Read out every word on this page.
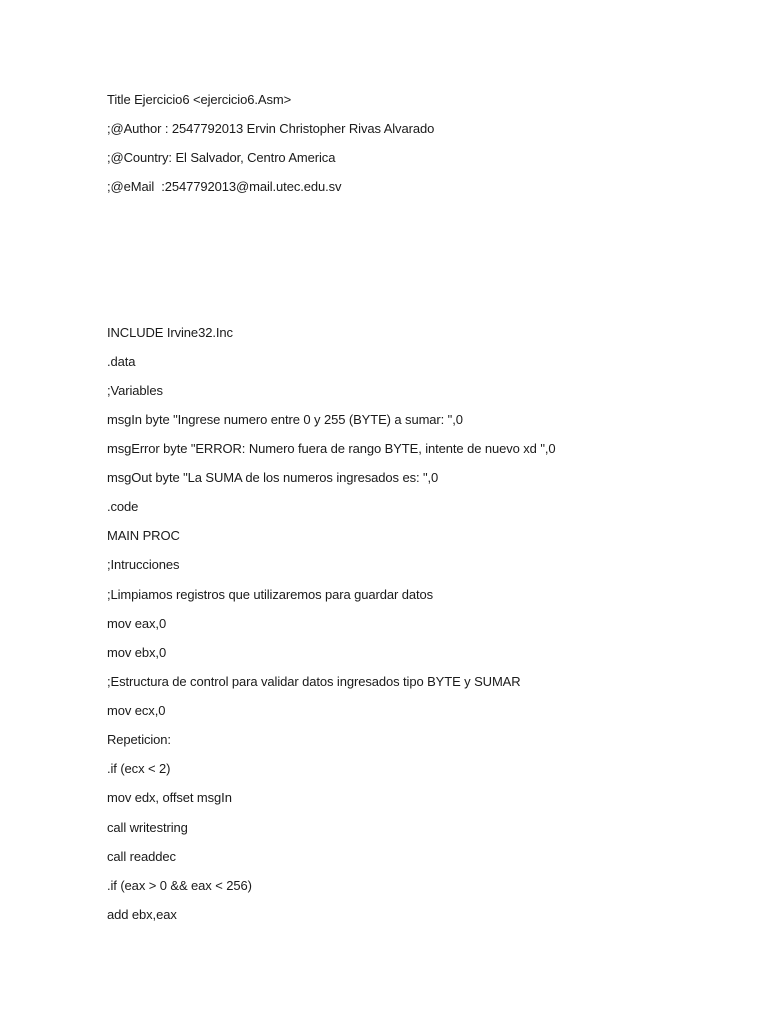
Title Ejercicio6 <ejercicio6.Asm>
;@Author : 2547792013 Ervin Christopher Rivas Alvarado
;@Country: El Salvador, Centro America
;@eMail  :2547792013@mail.utec.edu.sv
INCLUDE Irvine32.Inc
.data
;Variables
msgIn byte "Ingrese numero entre 0 y 255 (BYTE) a sumar: ",0
msgError byte "ERROR: Numero fuera de rango BYTE, intente de nuevo xd ",0
msgOut byte "La SUMA de los numeros ingresados es: ",0
.code
MAIN PROC
;Intrucciones
;Limpiamos registros que utilizaremos para guardar datos
mov eax,0
mov ebx,0
;Estructura de control para validar datos ingresados tipo BYTE y SUMAR
mov ecx,0
Repeticion:
.if (ecx < 2)
mov edx, offset msgIn
call writestring
call readdec
.if (eax > 0 && eax < 256)
add ebx,eax
